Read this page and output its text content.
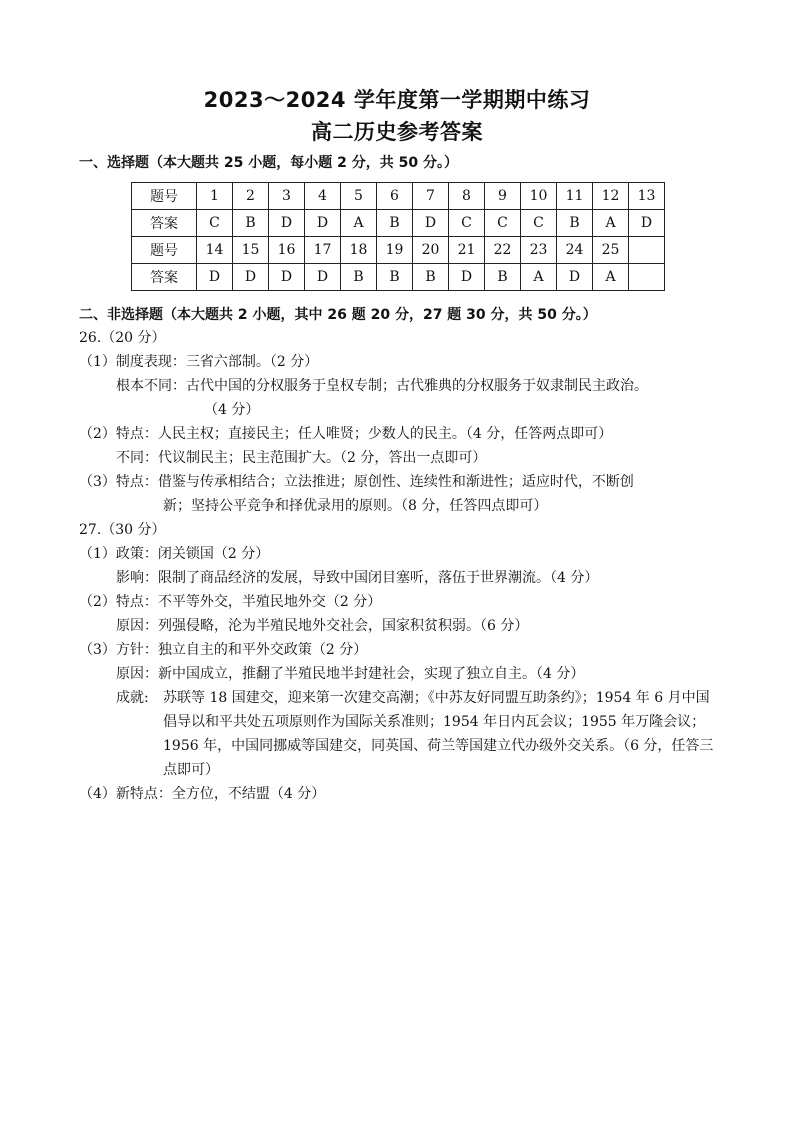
2023～2024 学年度第一学期期中练习
高二历史参考答案
一、选择题（本大题共 25 小题，每小题 2 分，共 50 分。）
题号	1	2	3	4	5	6	7	8	9	10	11	12	13
答案	C	B	D	D	A	B	D	C	C	C	B	A	D
题号	14	15	16	17	18	19	20	21	22	23	24	25	
答案	D	D	D	D	B	B	B	D	B	A	D	A	
二、非选择题（本大题共 2 小题，其中 26 题 20 分，27 题 30 分，共 50 分。）
26.（20 分）
（1）制度表现：三省六部制。（2 分）
根本不同：古代中国的分权服务于皇权专制；古代雅典的分权服务于奴隶制民主政治。
（4 分）
（2）特点：人民主权；直接民主；任人唯贤；少数人的民主。（4 分，任答两点即可）
不同：代议制民主；民主范围扩大。（2 分，答出一点即可）
（3）特点：借鉴与传承相结合；立法推进；原创性、连续性和渐进性；适应时代，不断创
新；坚持公平竞争和择优录用的原则。（8 分，任答四点即可）
27.（30 分）
（1）政策：闭关锁国（2 分）
影响：限制了商品经济的发展，导致中国闭目塞听，落伍于世界潮流。（4 分）
（2）特点：不平等外交，半殖民地外交（2 分）
原因：列强侵略，沦为半殖民地外交社会，国家积贫积弱。（6 分）
（3）方针：独立自主的和平外交政策（2 分）
原因：新中国成立，推翻了半殖民地半封建社会，实现了独立自主。（4 分）
成就: 苏联等 18 国建交，迎来第一次建交高潮；《中苏友好同盟互助条约》；1954 年 6 月中国倡导以和平共处五项原则作为国际关系准则；1954 年日内瓦会议；1955 年万隆会议；1956 年，中国同挪威等国建交，同英国、荷兰等国建立代办级外交关系。（6 分，任答三点即可）
（4）新特点：全方位，不结盟（4 分）
